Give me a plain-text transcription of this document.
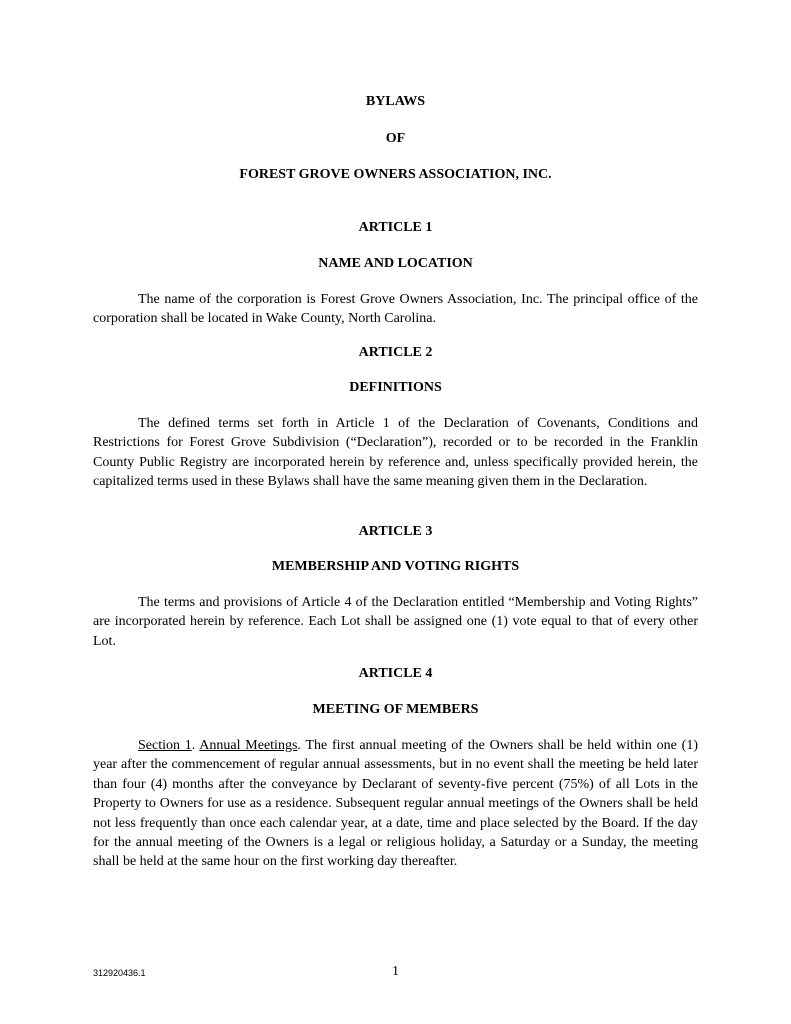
BYLAWS
OF
FOREST GROVE OWNERS ASSOCIATION, INC.
ARTICLE 1
NAME AND LOCATION

The name of the corporation is Forest Grove Owners Association, Inc. The principal office of the corporation shall be located in Wake County, North Carolina.

ARTICLE 2
DEFINITIONS

The defined terms set forth in Article 1 of the Declaration of Covenants, Conditions and Restrictions for Forest Grove Subdivision (“Declaration”), recorded or to be recorded in the Franklin County Public Registry are incorporated herein by reference and, unless specifically provided herein, the capitalized terms used in these Bylaws shall have the same meaning given them in the Declaration.

ARTICLE 3
MEMBERSHIP AND VOTING RIGHTS

The terms and provisions of Article 4 of the Declaration entitled “Membership and Voting Rights” are incorporated herein by reference. Each Lot shall be assigned one (1) vote equal to that of every other Lot.

ARTICLE 4
MEETING OF MEMBERS

Section 1. Annual Meetings. The first annual meeting of the Owners shall be held within one (1) year after the commencement of regular annual assessments, but in no event shall the meeting be held later than four (4) months after the conveyance by Declarant of seventy-five percent (75%) of all Lots in the Property to Owners for use as a residence. Subsequent regular annual meetings of the Owners shall be held not less frequently than once each calendar year, at a date, time and place selected by the Board. If the day for the annual meeting of the Owners is a legal or religious holiday, a Saturday or a Sunday, the meeting shall be held at the same hour on the first working day thereafter.

312920436.1	1
